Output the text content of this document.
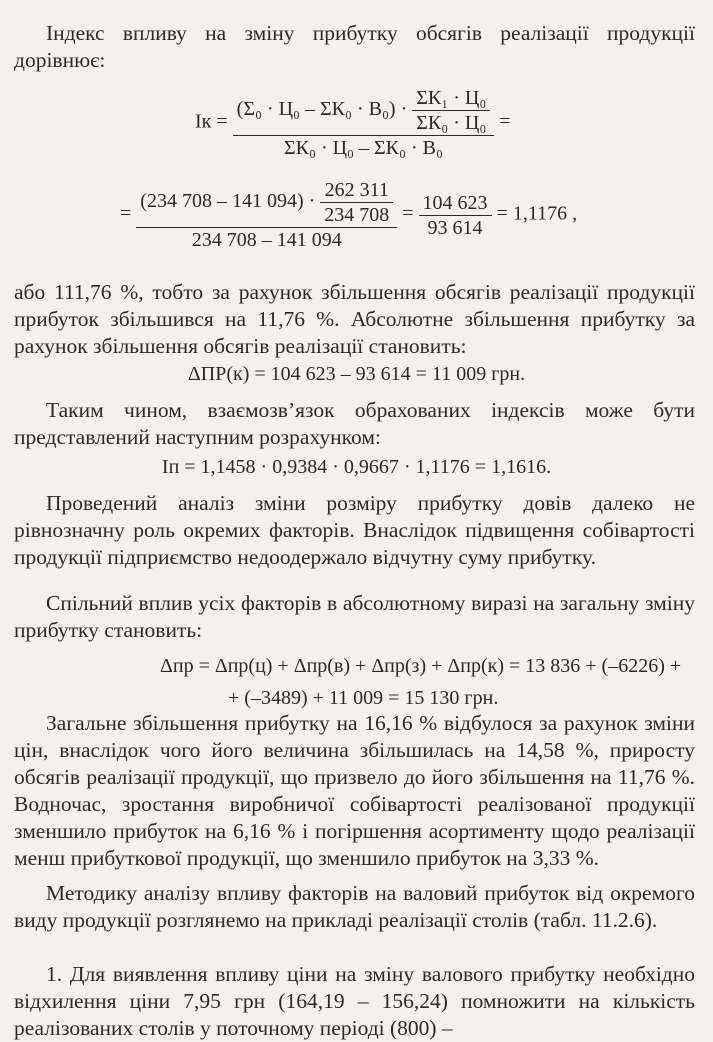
Індекс впливу на зміну прибутку обсягів реалізації продукції дорівнює:

Iк =
$(\Sigma_0 \cdot Ц_0 - \Sigma К_0 \cdot В_0) \cdot \frac{\text{ΣК₁ · Ц₀}}{\text{ΣК₀ · Ц₀}}$
ΣК₀ · Ц₀ – ΣК₀ · В₀
=
=
(234 708 – 141 $094) \cdot \frac{262 311}{234 708}$
234 708 – 141 094
= $\frac{104 623}{93 614} = 1,1176$ ,

або 111,76 %, тобто за рахунок збільшення обсягів реалізації продукції прибуток збільшився на 11,76 %. Абсолютне збільшення прибутку за рахунок збільшення обсягів реалізації становить:

ΔПР(к) = 104 623 – 93 614 = 11 009 грн.

Таким чином, взаємозв’язок обрахованих індексів може бути представлений наступним розрахунком:

Iп = 1,1458 · 0,9384 · 0,9667 · 1,1176 = 1,1616.

Проведений аналіз зміни розміру прибутку довів далеко не рівнозначну роль окремих факторів. Внаслідок підвищення собівартості продукції підприємство недоодержало відчутну суму прибутку.

Спільний вплив усіх факторів в абсолютному виразі на загальну зміну прибутку становить:

Δпр = Δпр(ц) + Δпр(в) + Δпр(з) + Δпр(к) = 13 836 + (–6226) +
+ (–3489) + 11 009 = 15 130 грн.

Загальне збільшення прибутку на 16,16 % відбулося за рахунок зміни цін, внаслідок чого його величина збільшилась на 14,58 %, приросту обсягів реалізації продукції, що призвело до його збільшення на 11,76 %. Водночас, зростання виробничої собівартості реалізованої продукції зменшило прибуток на 6,16 % і погіршення асортименту щодо реалізації менш прибуткової продукції, що зменшило прибуток на 3,33 %.

Методику аналізу впливу факторів на валовий прибуток від окремого виду продукції розглянемо на прикладі реалізації столів (табл. 11.2.6).

1. Для виявлення впливу ціни на зміну валового прибутку необхідно відхилення ціни 7,95 грн (164,19 – 156,24) помножити на кількість реалізованих столів у поточному періоді (800) –
